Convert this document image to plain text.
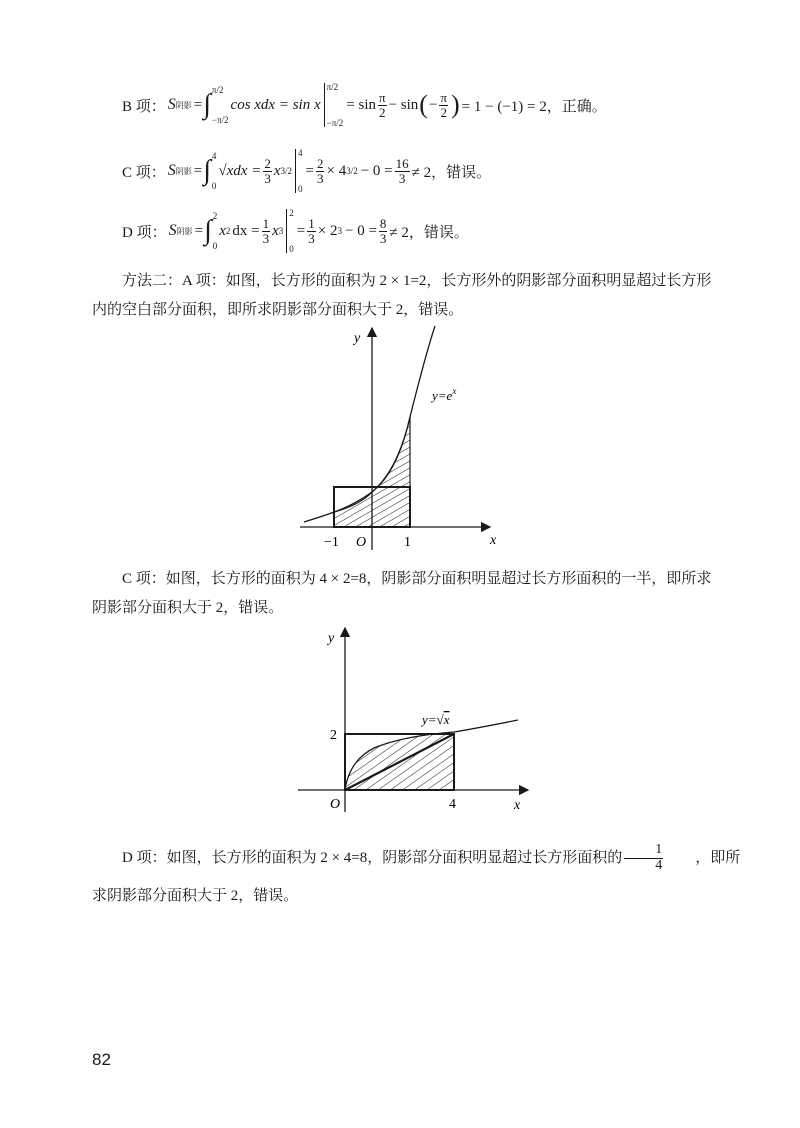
B 项： S 阴影 = ∫ π/2
−π/2
cos xdx = sin x
π/2
−π/2
= $\sin \frac{\pi}{2} - \sin$ ( − $\frac{\pi}{2}$ ) = 1 − (−1) = 2，正确。
C 项： S 阴影 = ∫ 4
0
$√xdx = \frac{2}{3}$ x 3/2
4
0
= $\frac{2}{3} \times 4$ $3/2 - 0 = \frac{16}{3} \ne 2$，错误。
D 项： S 阴影 = ∫ 2
0
x 2 dx = $\frac{1}{3}$ x 3
2
0
= $\frac{1}{3} \times 2$ $3 - 0 = \frac{8}{3} \ne 2$，错误。
方法二：A 项：如图，长方形的面积为 2 × 1=2，长方形外的阴影部分面积明显超过长方形内的空白部分面积，即所求阴影部分面积大于 2，错误。
y
x
$y=e^x$
O
−1	1
C 项：如图，长方形的面积为 4 × 2=8，阴影部分面积明显超过长方形面积的一半，即所求阴影部分面积大于 2，错误。
y
x
y=√x
O
2
4
D 项：如图，长方形的面积为 2 × 4=8，阴影部分面积明显超过长方形面积的 $\frac{1}{4}$	，即所
求阴影部分面积大于 2，错误。
82
